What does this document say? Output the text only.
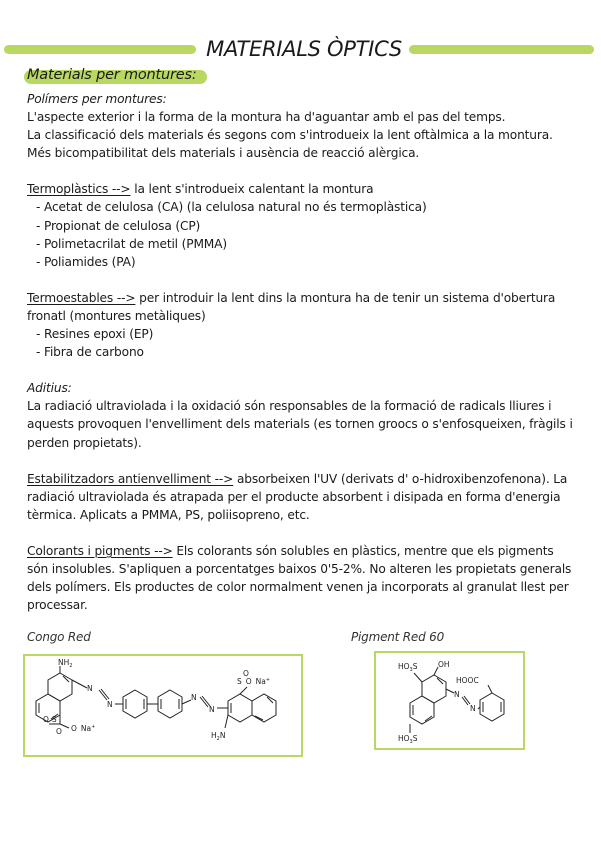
MATERIALS ÒPTICS
Materials per montures:

Polímers per montures:

L'aspecte exterior i la forma de la montura ha d'aguantar amb el pas del temps.

La classificació dels materials és segons com s'introdueix la lent oftàlmica a la montura.

Més bicompatibilitat dels materials i ausència de reacció alèrgica.

Termoplàstics --> la lent s'introdueix calentant la montura

- Acetat de celulosa (CA) (la celulosa natural no és termoplàstica)

- Propionat de celulosa (CP)

- Polimetacrilat de metil (PMMA)

- Poliamides (PA)

Termoestables --> per introduir la lent dins la montura ha de tenir un sistema d'obertura fronatl (montures metàliques)

- Resines epoxi (EP)

- Fibra de carbono

Aditius:

La radiació ultraviolada i la oxidació són responsables de la formació de radicals lliures i aquests provoquen l'envelliment dels materials (es tornen groocs o s'enfosqueixen, fràgils i perden propietats).

Estabilitzadors antienvelliment --> absorbeixen l'UV (derivats d' o-hidroxibenzofenona). La radiació ultraviolada és atrapada per el producte absorbent i disipada en forma d'energia tèrmica. Aplicats a PMMA, PS, poliisopreno, etc.

Colorants i pigments --> Els colorants són solubles en plàstics, mentre que els pigments són insolubles. S'apliquen a porcentatges baixos 0'5-2%. No alteren les propietats generals dels polímers. Els productes de color normalment venen ja incorporats al granulat llest per processar.

Congo Red	Pigment Red 60
$NH_2$
N
N
N
N
O S
O Na+
O
S O Na+
O
$H_2N$
$HO_3S$	OH
HOOC
N
N
$HO_3S$
